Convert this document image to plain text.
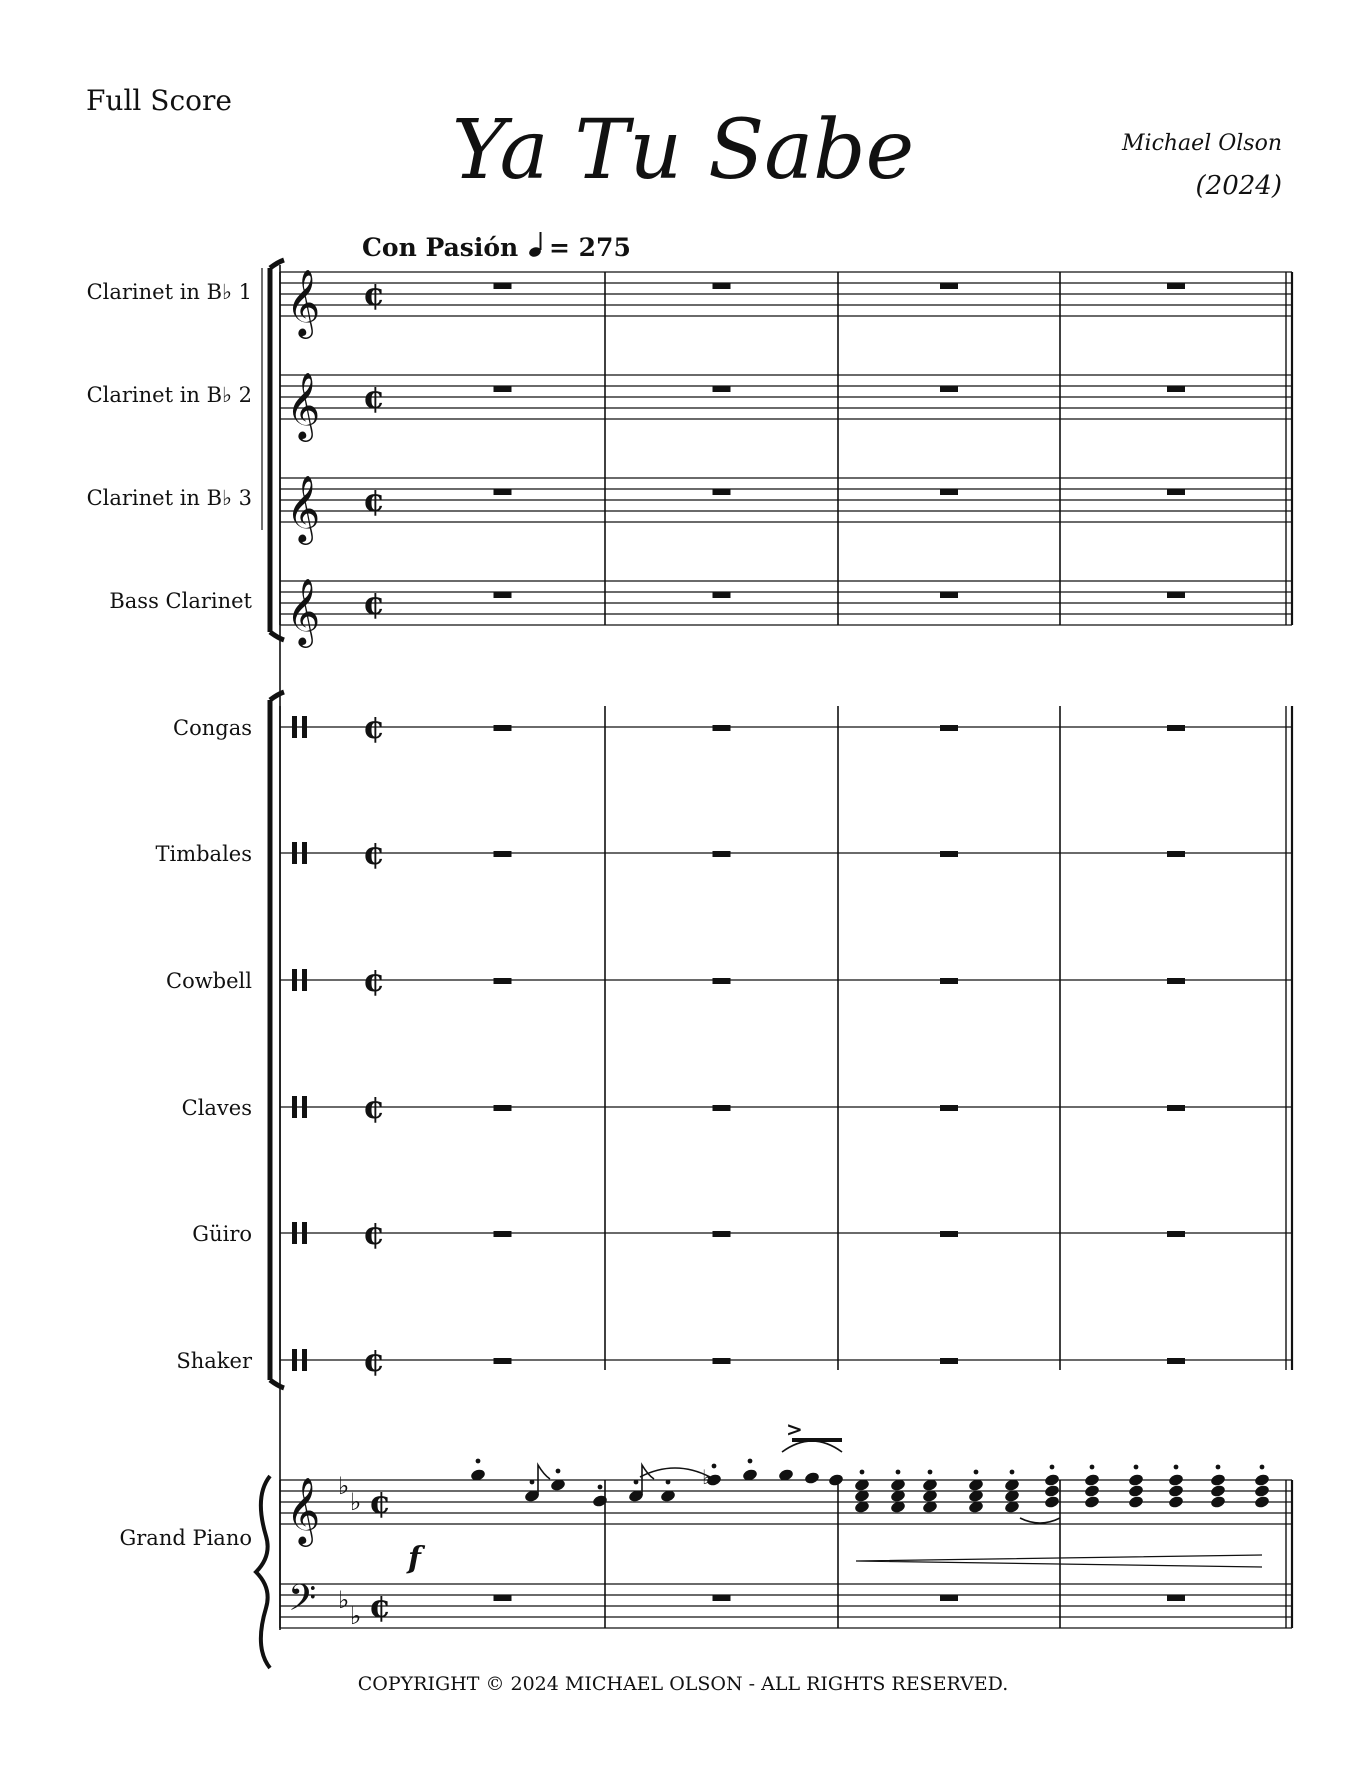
Full Score
Ya Tu Sabe	Michael Olson
(2024)
Con Pasión = 275
Clarinet in B♭ 1 𝄞 ¢
Clarinet in B♭ 2 𝄞 ¢
Clarinet in B♭ 3 𝄞 ¢
Bass Clarinet 𝄞 ¢
Congas	¢
Timbales	¢
Cowbell	¢
Claves	¢
Güiro	¢
Shaker	¢
Grand Piano 𝄞
𝄢
♭
♭
♭
♭
¢
¢
f
♭
>
COPYRIGHT © 2024 MICHAEL OLSON - ALL RIGHTS RESERVED.
